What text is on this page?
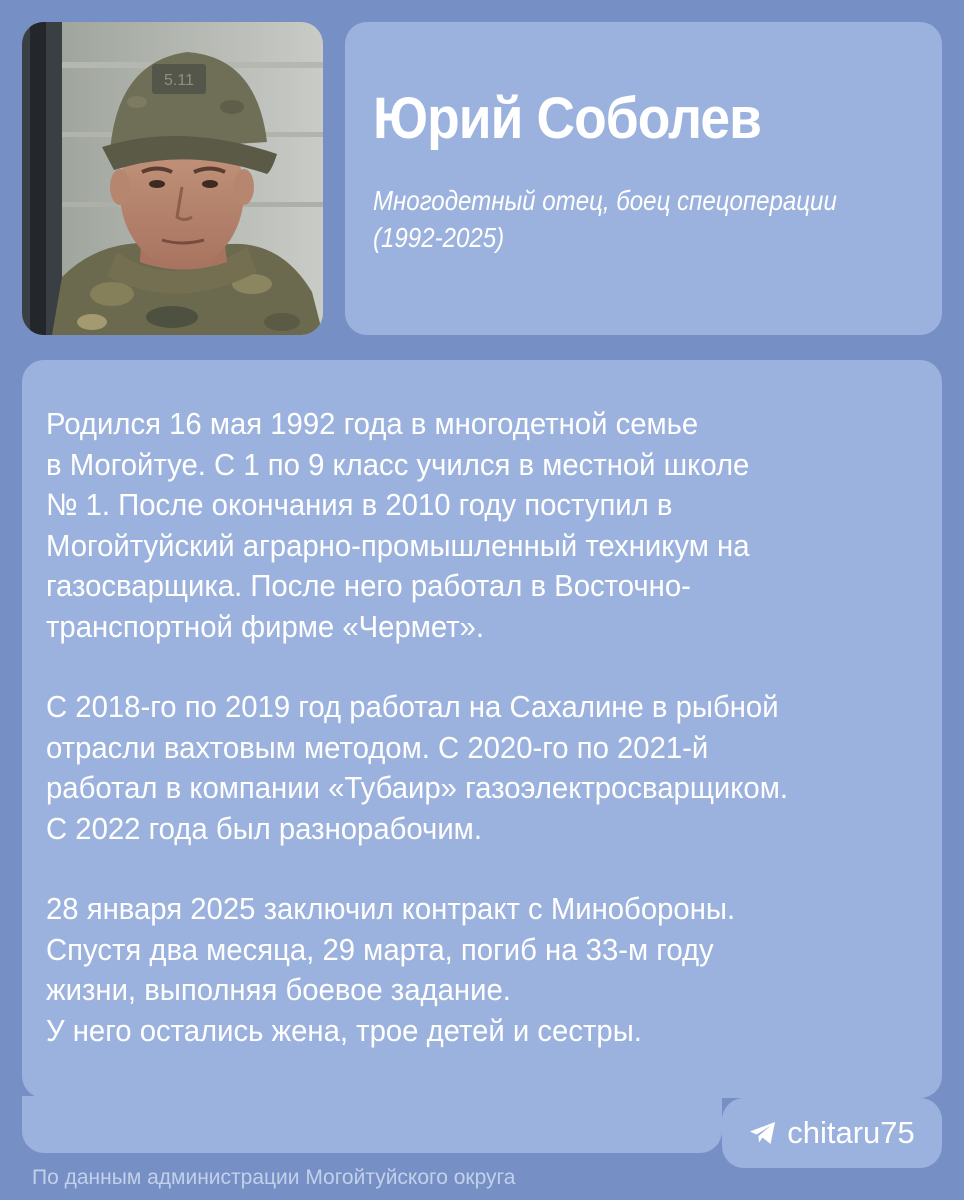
5.11
Юрий Соболев
Многодетный отец, боец спецоперации
(1992-2025)
Родился 16 мая 1992 года в многодетной семье
в Могойтуе. С 1 по 9 класс учился в местной школе
№ 1. После окончания в 2010 году поступил в
Могойтуйский аграрно-промышленный техникум на
газосварщика. После него работал в Восточно-
транспортной фирме «Чермет».
С 2018-го по 2019 год работал на Сахалине в рыбной
отрасли вахтовым методом. С 2020-го по 2021-й
работал в компании «Тубаир» газоэлектросварщиком.
С 2022 года был разнорабочим.
28 января 2025 заключил контракт с Минобороны.
Спустя два месяца, 29 марта, погиб на 33-м году
жизни, выполняя боевое задание.
У него остались жена, трое детей и сестры.
chitaru75
По данным администрации Могойтуйского округа
